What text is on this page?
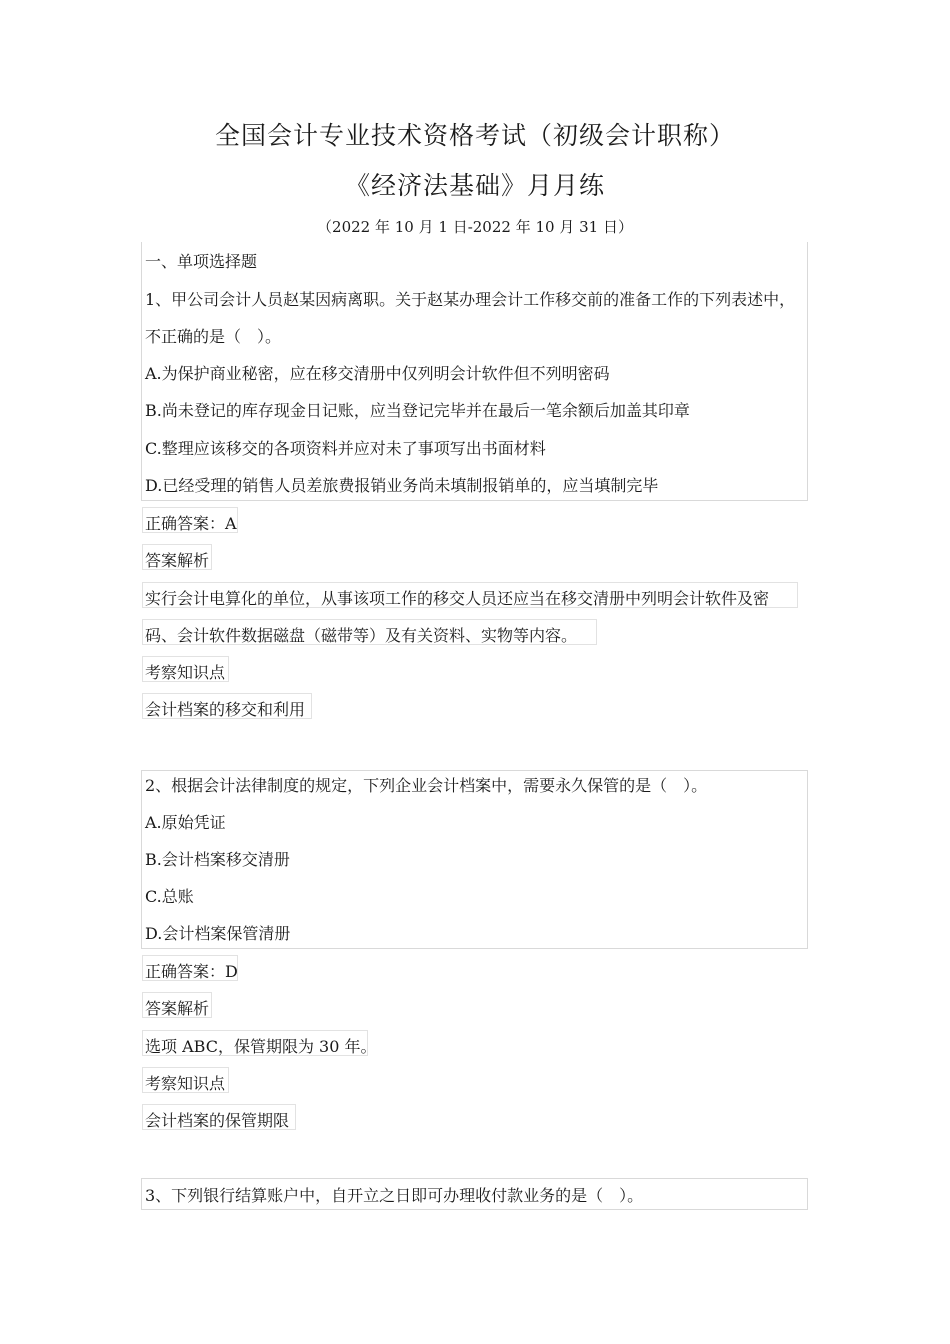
全国会计专业技术资格考试（初级会计职称）
《经济法基础》月月练
（2022 年 10 月 1 日-2022 年 10 月 31 日）
一、单项选择题
1、甲公司会计人员赵某因病离职。关于赵某办理会计工作移交前的准备工作的下列表述中，
不正确的是（　）。
A.为保护商业秘密，应在移交清册中仅列明会计软件但不列明密码
B.尚未登记的库存现金日记账，应当登记完毕并在最后一笔余额后加盖其印章
C.整理应该移交的各项资料并应对未了事项写出书面材料
D.已经受理的销售人员差旅费报销业务尚未填制报销单的，应当填制完毕
正确答案：A
答案解析
实行会计电算化的单位，从事该项工作的移交人员还应当在移交清册中列明会计软件及密
码、会计软件数据磁盘（磁带等）及有关资料、实物等内容。
考察知识点
会计档案的移交和利用
2、根据会计法律制度的规定，下列企业会计档案中，需要永久保管的是（　）。
A.原始凭证
B.会计档案移交清册
C.总账
D.会计档案保管清册
正确答案：D
答案解析
选项 ABC，保管期限为 30 年。
考察知识点
会计档案的保管期限
3、下列银行结算账户中，自开立之日即可办理收付款业务的是（　）。
